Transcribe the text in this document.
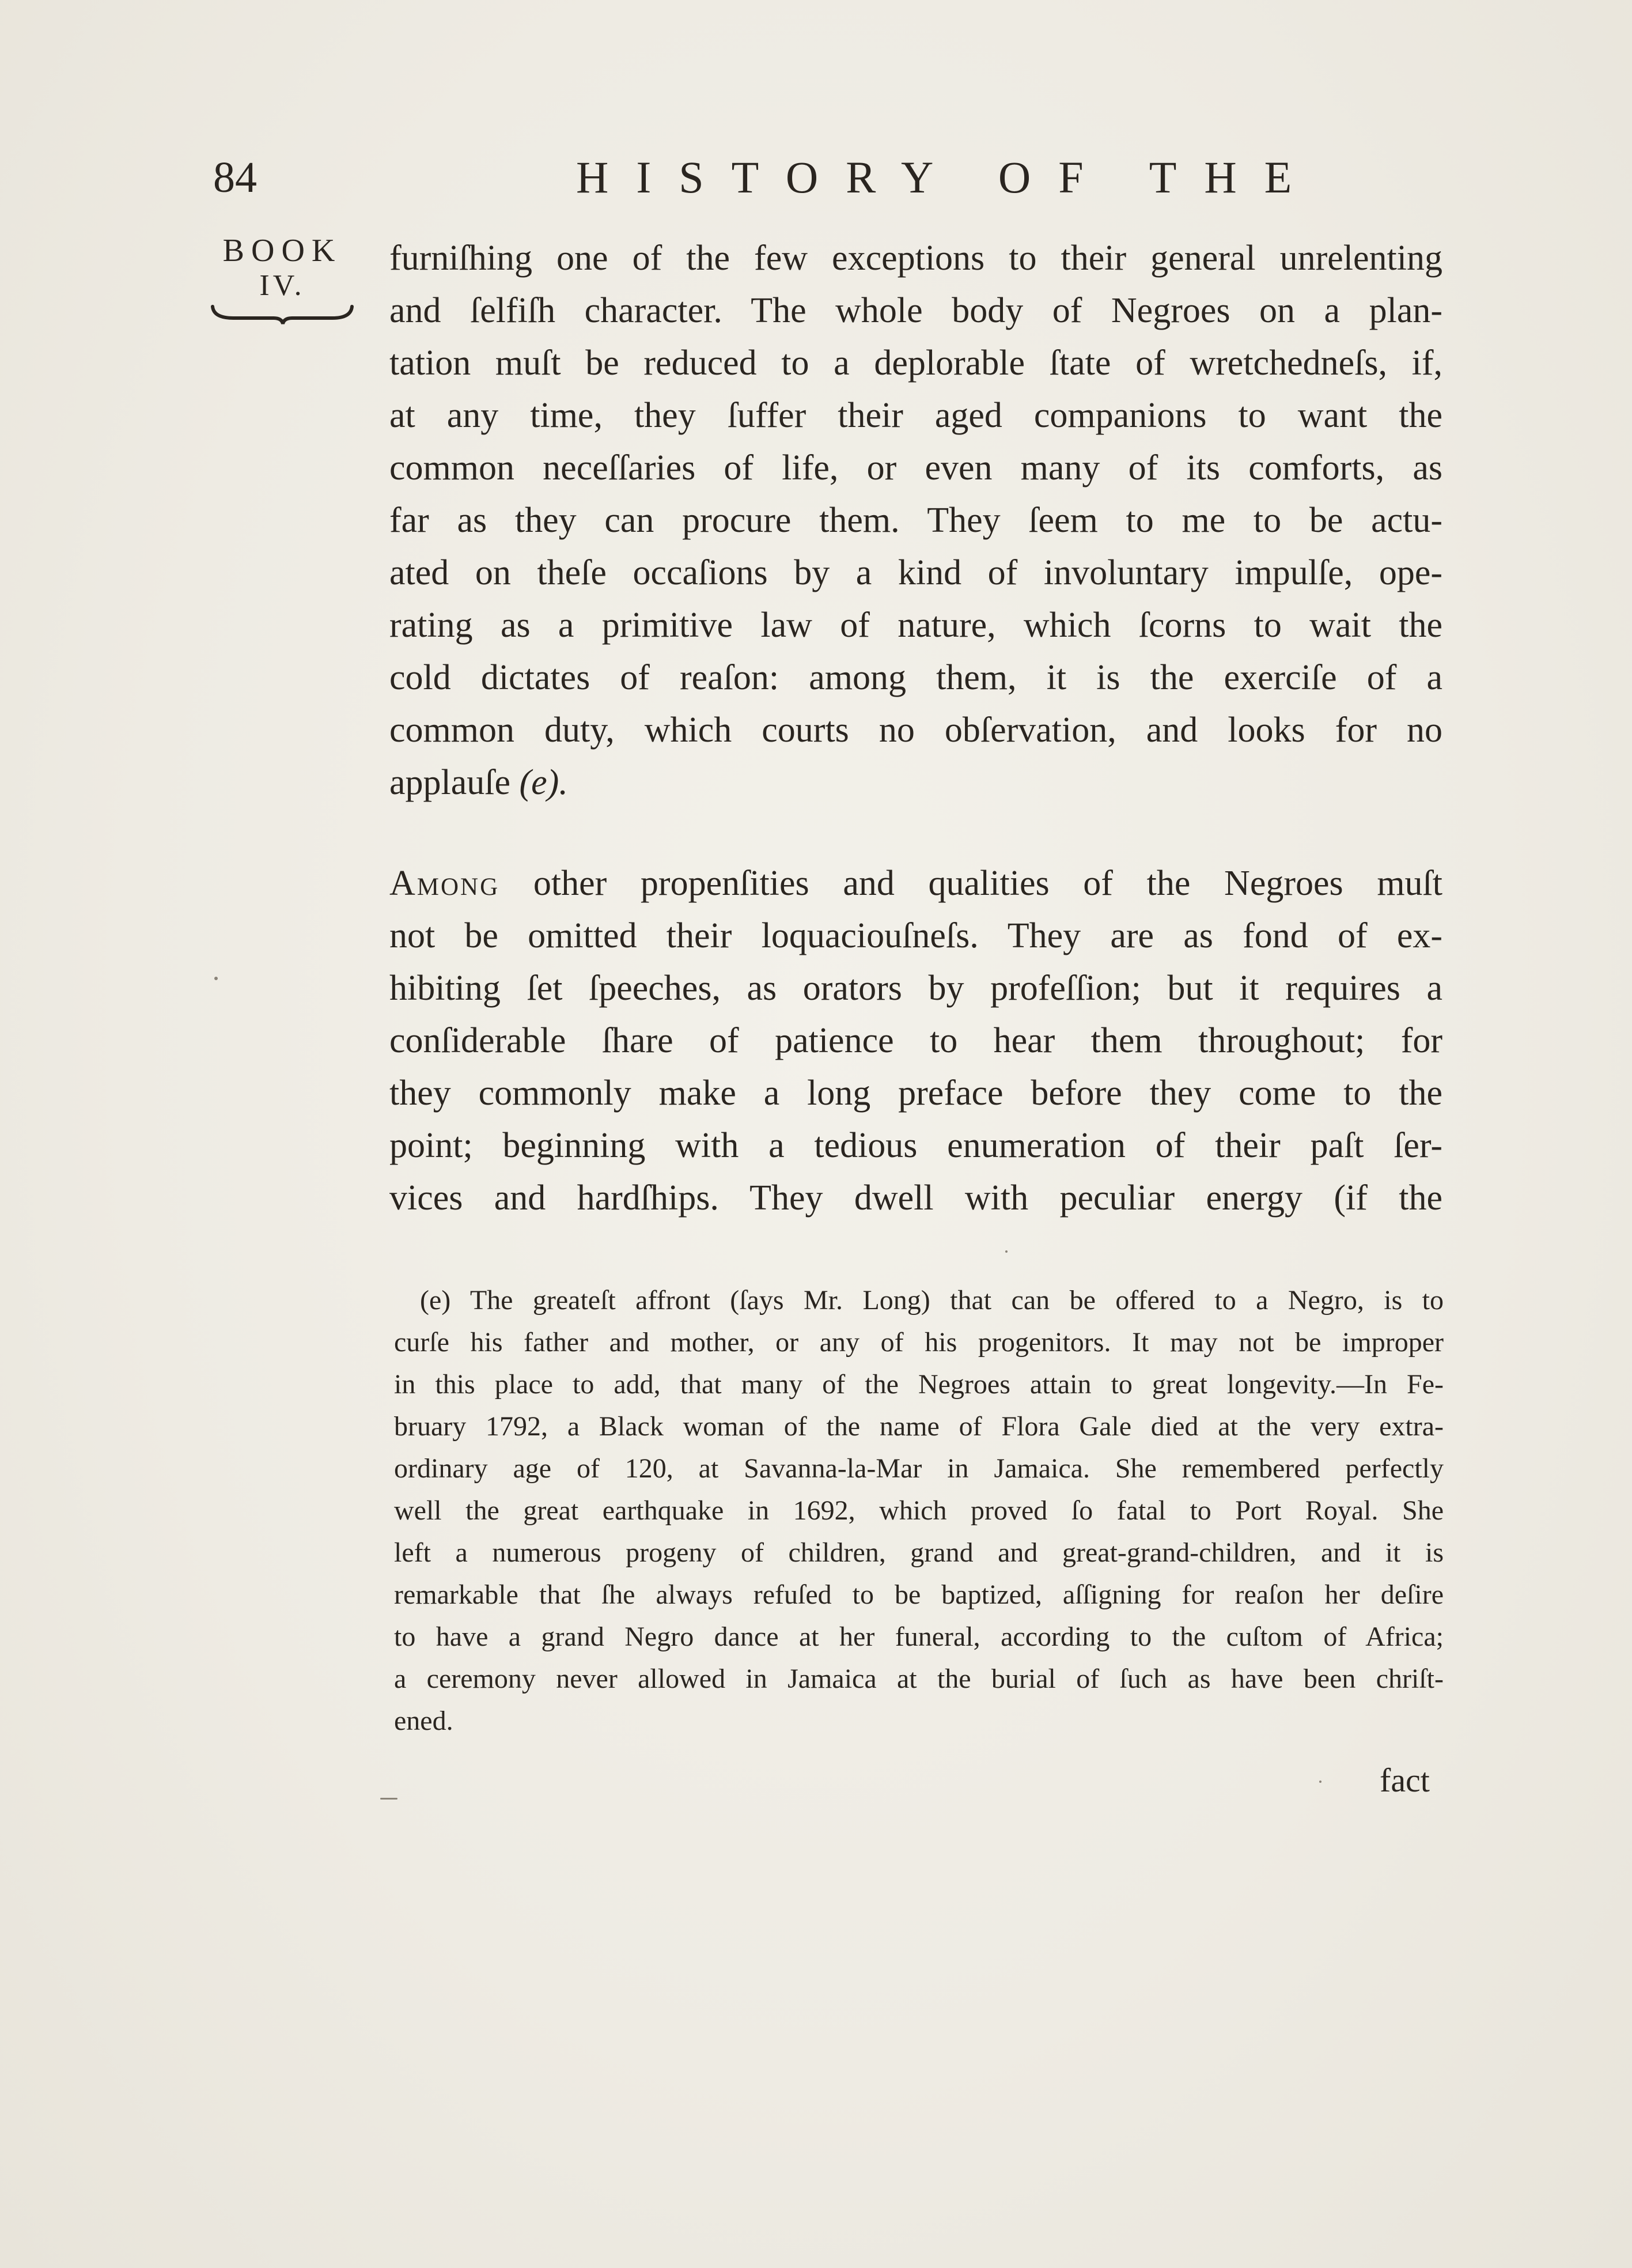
84	HISTORY OF THE
BOOK
IV.
furniſhing one of the few exceptions to their general unrelenting
and ſelfiſh character. The whole body of Negroes on a plan-
tation muſt be reduced to a deplorable ſtate of wretchedneſs, if,
at any time, they ſuffer their aged companions to want the
common neceſſaries of life, or even many of its comforts, as
far as they can procure them. They ſeem to me to be actu-
ated on theſe occaſions by a kind of involuntary impulſe, ope-
rating as a primitive law of nature, which ſcorns to wait the
cold dictates of reaſon: among them, it is the exerciſe of a
common duty, which courts no obſervation, and looks for no
applauſe (e).
Among other propenſities and qualities of the Negroes muſt
not be omitted their loquaciouſneſs. They are as fond of ex-
hibiting ſet ſpeeches, as orators by profeſſion; but it requires a
conſiderable ſhare of patience to hear them throughout; for
they commonly make a long preface before they come to the
point; beginning with a tedious enumeration of their paſt ſer-
vices and hardſhips. They dwell with peculiar energy (if the
(e) The greateſt affront (ſays Mr. Long) that can be offered to a Negro, is to
curſe his father and mother, or any of his progenitors. It may not be improper
in this place to add, that many of the Negroes attain to great longevity.—In Fe-
bruary 1792, a Black woman of the name of Flora Gale died at the very extra-
ordinary age of 120, at Savanna-la-Mar in Jamaica. She remembered perfectly
well the great earthquake in 1692, which proved ſo fatal to Port Royal. She
left a numerous progeny of children, grand and great-grand-children, and it is
remarkable that ſhe always refuſed to be baptized, aſſigning for reaſon her deſire
to have a grand Negro dance at her funeral, according to the cuſtom of Africa;
a ceremony never allowed in Jamaica at the burial of ſuch as have been chriſt-
ened.
fact
